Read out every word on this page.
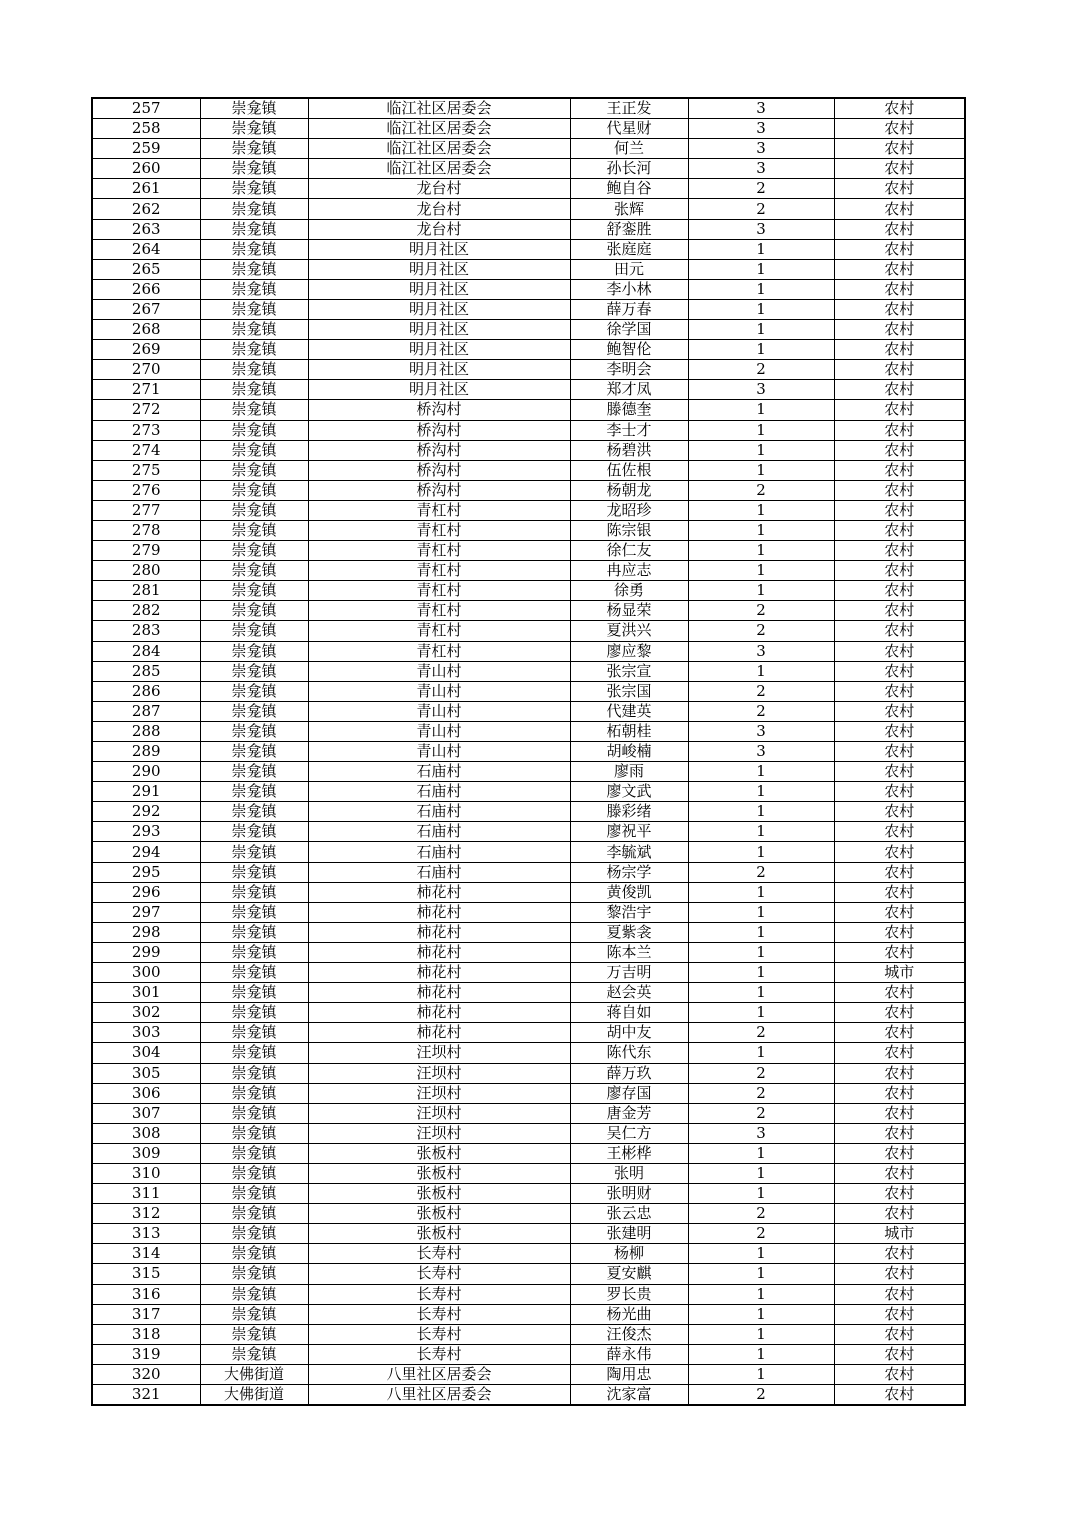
257	崇龛镇	临江社区居委会	王正发	3	农村
258	崇龛镇	临江社区居委会	代星财	3	农村
259	崇龛镇	临江社区居委会	何兰	3	农村
260	崇龛镇	临江社区居委会	孙长河	3	农村
261	崇龛镇	龙台村	鲍自谷	2	农村
262	崇龛镇	龙台村	张辉	2	农村
263	崇龛镇	龙台村	舒銮胜	3	农村
264	崇龛镇	明月社区	张庭庭	1	农村
265	崇龛镇	明月社区	田元	1	农村
266	崇龛镇	明月社区	李小林	1	农村
267	崇龛镇	明月社区	薛万春	1	农村
268	崇龛镇	明月社区	徐学国	1	农村
269	崇龛镇	明月社区	鲍智伦	1	农村
270	崇龛镇	明月社区	李明会	2	农村
271	崇龛镇	明月社区	郑才凤	3	农村
272	崇龛镇	桥沟村	滕德奎	1	农村
273	崇龛镇	桥沟村	李士才	1	农村
274	崇龛镇	桥沟村	杨碧洪	1	农村
275	崇龛镇	桥沟村	伍佐根	1	农村
276	崇龛镇	桥沟村	杨朝龙	2	农村
277	崇龛镇	青杠村	龙昭珍	1	农村
278	崇龛镇	青杠村	陈宗银	1	农村
279	崇龛镇	青杠村	徐仁友	1	农村
280	崇龛镇	青杠村	冉应志	1	农村
281	崇龛镇	青杠村	徐勇	1	农村
282	崇龛镇	青杠村	杨显荣	2	农村
283	崇龛镇	青杠村	夏洪兴	2	农村
284	崇龛镇	青杠村	廖应黎	3	农村
285	崇龛镇	青山村	张宗宣	1	农村
286	崇龛镇	青山村	张宗国	2	农村
287	崇龛镇	青山村	代建英	2	农村
288	崇龛镇	青山村	柘朝桂	3	农村
289	崇龛镇	青山村	胡峻楠	3	农村
290	崇龛镇	石庙村	廖雨	1	农村
291	崇龛镇	石庙村	廖文武	1	农村
292	崇龛镇	石庙村	滕彩绪	1	农村
293	崇龛镇	石庙村	廖祝平	1	农村
294	崇龛镇	石庙村	李毓斌	1	农村
295	崇龛镇	石庙村	杨宗学	2	农村
296	崇龛镇	柿花村	黄俊凯	1	农村
297	崇龛镇	柿花村	黎浩宇	1	农村
298	崇龛镇	柿花村	夏紫衾	1	农村
299	崇龛镇	柿花村	陈本兰	1	农村
300	崇龛镇	柿花村	万吉明	1	城市
301	崇龛镇	柿花村	赵会英	1	农村
302	崇龛镇	柿花村	蒋自如	1	农村
303	崇龛镇	柿花村	胡中友	2	农村
304	崇龛镇	汪坝村	陈代东	1	农村
305	崇龛镇	汪坝村	薛万玖	2	农村
306	崇龛镇	汪坝村	廖存国	2	农村
307	崇龛镇	汪坝村	唐金芳	2	农村
308	崇龛镇	汪坝村	吴仁方	3	农村
309	崇龛镇	张板村	王彬桦	1	农村
310	崇龛镇	张板村	张明	1	农村
311	崇龛镇	张板村	张明财	1	农村
312	崇龛镇	张板村	张云忠	2	农村
313	崇龛镇	张板村	张建明	2	城市
314	崇龛镇	长寿村	杨柳	1	农村
315	崇龛镇	长寿村	夏安麒	1	农村
316	崇龛镇	长寿村	罗长贵	1	农村
317	崇龛镇	长寿村	杨光曲	1	农村
318	崇龛镇	长寿村	汪俊杰	1	农村
319	崇龛镇	长寿村	薛永伟	1	农村
320	大佛街道	八里社区居委会	陶用忠	1	农村
321	大佛街道	八里社区居委会	沈家富	2	农村
